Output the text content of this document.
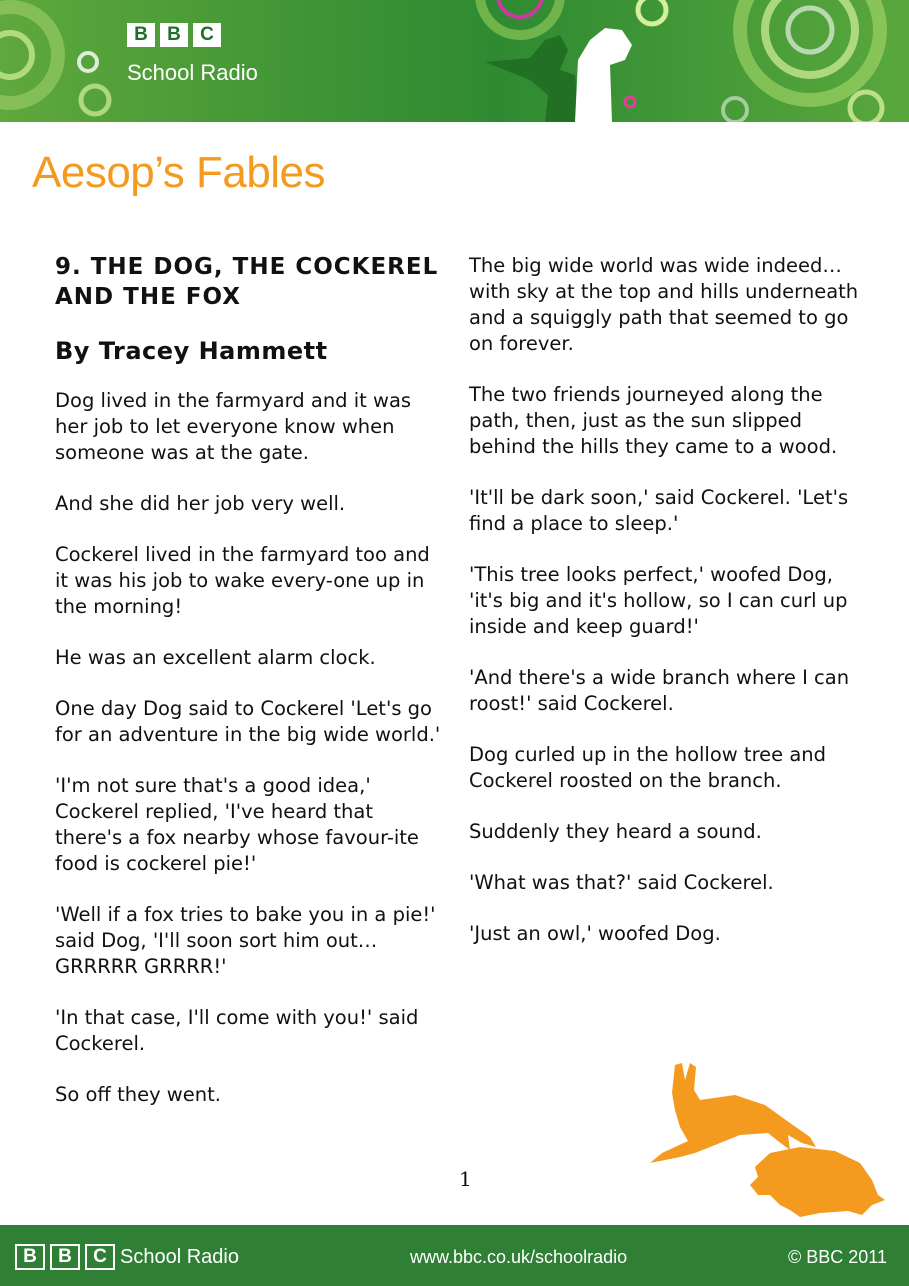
B	B	C
School Radio
Aesop’s Fables
9. THE DOG, THE COCKEREL AND THE FOX
By Tracey Hammett

Dog lived in the farmyard and it was her job to let everyone know when someone was at the gate.

And she did her job very well.

Cockerel lived in the farmyard too and it was his job to wake every-one up in the morning!

He was an excellent alarm clock.

One day Dog said to Cockerel 'Let's go for an adventure in the big wide world.'

'I'm not sure that's a good idea,' Cockerel replied, 'I've heard that there's a fox nearby whose favour-ite food is cockerel pie!'

'Well if a fox tries to bake you in a pie!' said Dog, 'I'll soon sort him out…GRRRRR GRRRR!'

'In that case, I'll come with you!' said Cockerel.

So off they went.

The big wide world was wide indeed…with sky at the top and hills underneath and a squiggly path that seemed to go on forever.

The two friends journeyed along the path, then, just as the sun slipped behind the hills they came to a wood.

'It'll be dark soon,' said Cockerel. 'Let's find a place to sleep.'

'This tree looks perfect,' woofed Dog, 'it's big and it's hollow, so I can curl up inside and keep guard!'

'And there's a wide branch where I can roost!' said Cockerel.

Dog curled up in the hollow tree and Cockerel roosted on the branch.

Suddenly they heard a sound.

'What was that?' said Cockerel.

'Just an owl,' woofed Dog.

1
B	B	C School Radio	www.bbc.co.uk/schoolradio	© BBC 2011
